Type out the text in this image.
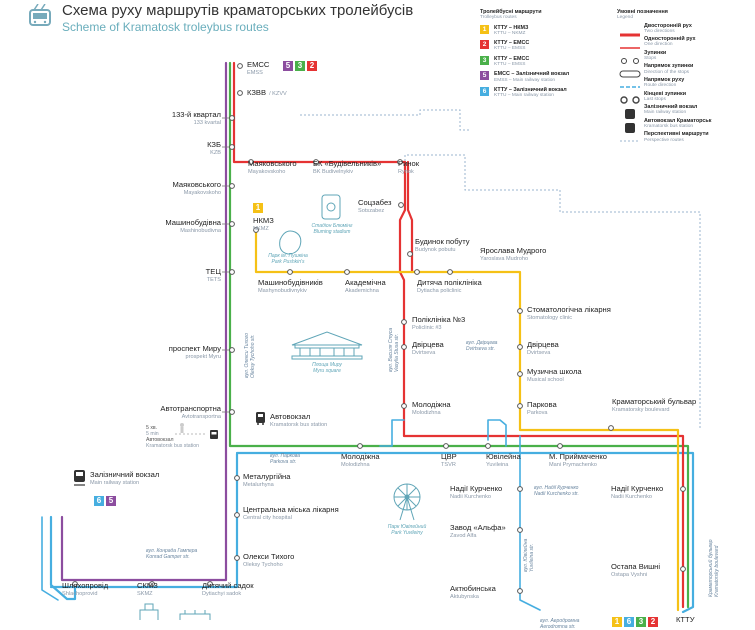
Схема руху маршрутів краматорських тролейбусів
Scheme of Kramatosk troleybus routes
Тролейбусні маршрути
Trolleybus routes
1	КТТУ – НКМЗ
KTTU – NKMZ
2	КТТУ – ЕМСС
KTTU – EMSS
3	КТТУ – ЕМСС
KTTU – EMSS
5	ЕМСС – Залізничний вокзал
EMSS – Main railway station
6	КТТУ – Залізничний вокзал
KTTU – Main railway station
Умовні позначення
Legend
Двосторонній рух
Two directions
Односторонній рух
One direction
Зупинки
Stops
Напрямок зупинки
Direction of the stops
Напрямок руху
Route direction
Кінцеві зупинки
Last stops
Залізничний вокзал
Main railway station
Автовокзал Краматорськ
Kramatorsk bus station
Перспективні маршрути
Perspective routes
ЕМСС
EMSS
КЗВВ / KZVV
133-й квартал
133 kvartal
КЗБ
KZB
Маяковського
Mayakovskoho
Машинобудівна
Mashinobudivna
ТЕЦ
TETS
проспект Миру
prospekt Myru
Автотранспортна
Avtotransportna
Залізничний вокзал
Main railway station
Шляхопровід
Shlachoprovid
СКМЗ
SKMZ
Дитячий садок
Dytiachyi sadok
Маяковського
Mayakovskoho
БК «Будівельників»
BK Budivelnykiv
Ринок
Rynok
Соцзабез
Sotszabez
НКМЗ
NKMZ
Будинок побуту
Budynok pobutu	Ярослава Мудрого
Yaroslava Mudroho
Машинобудівників
Mashynobudivnykiv
Академічна
Akademichna
Дитяча поліклініка
Dytiacha policlinic
Стоматологічна лікарня
Stomatology clinic
Поліклініка №3
Policlinic #3
Двірцева
Dvirtseva
Двірцева
Dvirtseva
Музична школа
Musical school
Автовокзал
Kramatorsk bus station
Молодіжна
Molodizhna
Паркова
Parkova
Краматорський бульвар
Kramatorsky boulevard
Металургійна
Metalurhyna
Молодіжна
Molodizhna
ЦВР
TSVR
Ювілейна
Yuvileina
М. Приймаченко
Mani Prymachenko
Центральна міська лікарня
Central city hospital
Надії Курченко
Nadii Kurchenko
Надії Курченко
Nadii Kurchenko
Завод «Альфа»
Zavod Alfa
Олекси Тихого
Oleksy Tychoho	Остапа Вишні
Ostapa Vyshni
Актюбинська
Aktubynska
КТТУ
5 3 2
1
6 5
1 6 3 2
Стадіон Блюмінг
Bluming stadium
Парк ім. Пушкіна
Park Pushkin's
Площа Миру
Myru square
Парк Ювілейний
Park Yuvileiny
вул. Олекси Тихого Oleksy Tychoho str.
вул. Паркова
Parkova str.
вул. Василя Стуса Vasylia Stusa str.	вул. Двірцева
Dvirtseva str.
вул. Надії Курченко
Nadii Kurchenko str.
вул. Конрада Гампера
Konrad Gamper str.	вул. Ювілейна Yuvileina str.
вул. Аеродромна
Aerodromna str.
Краматорський бульвар Kramatorsky boulevard
5 хв.
5 min
Автовокзал
Kramatorsk bus station
